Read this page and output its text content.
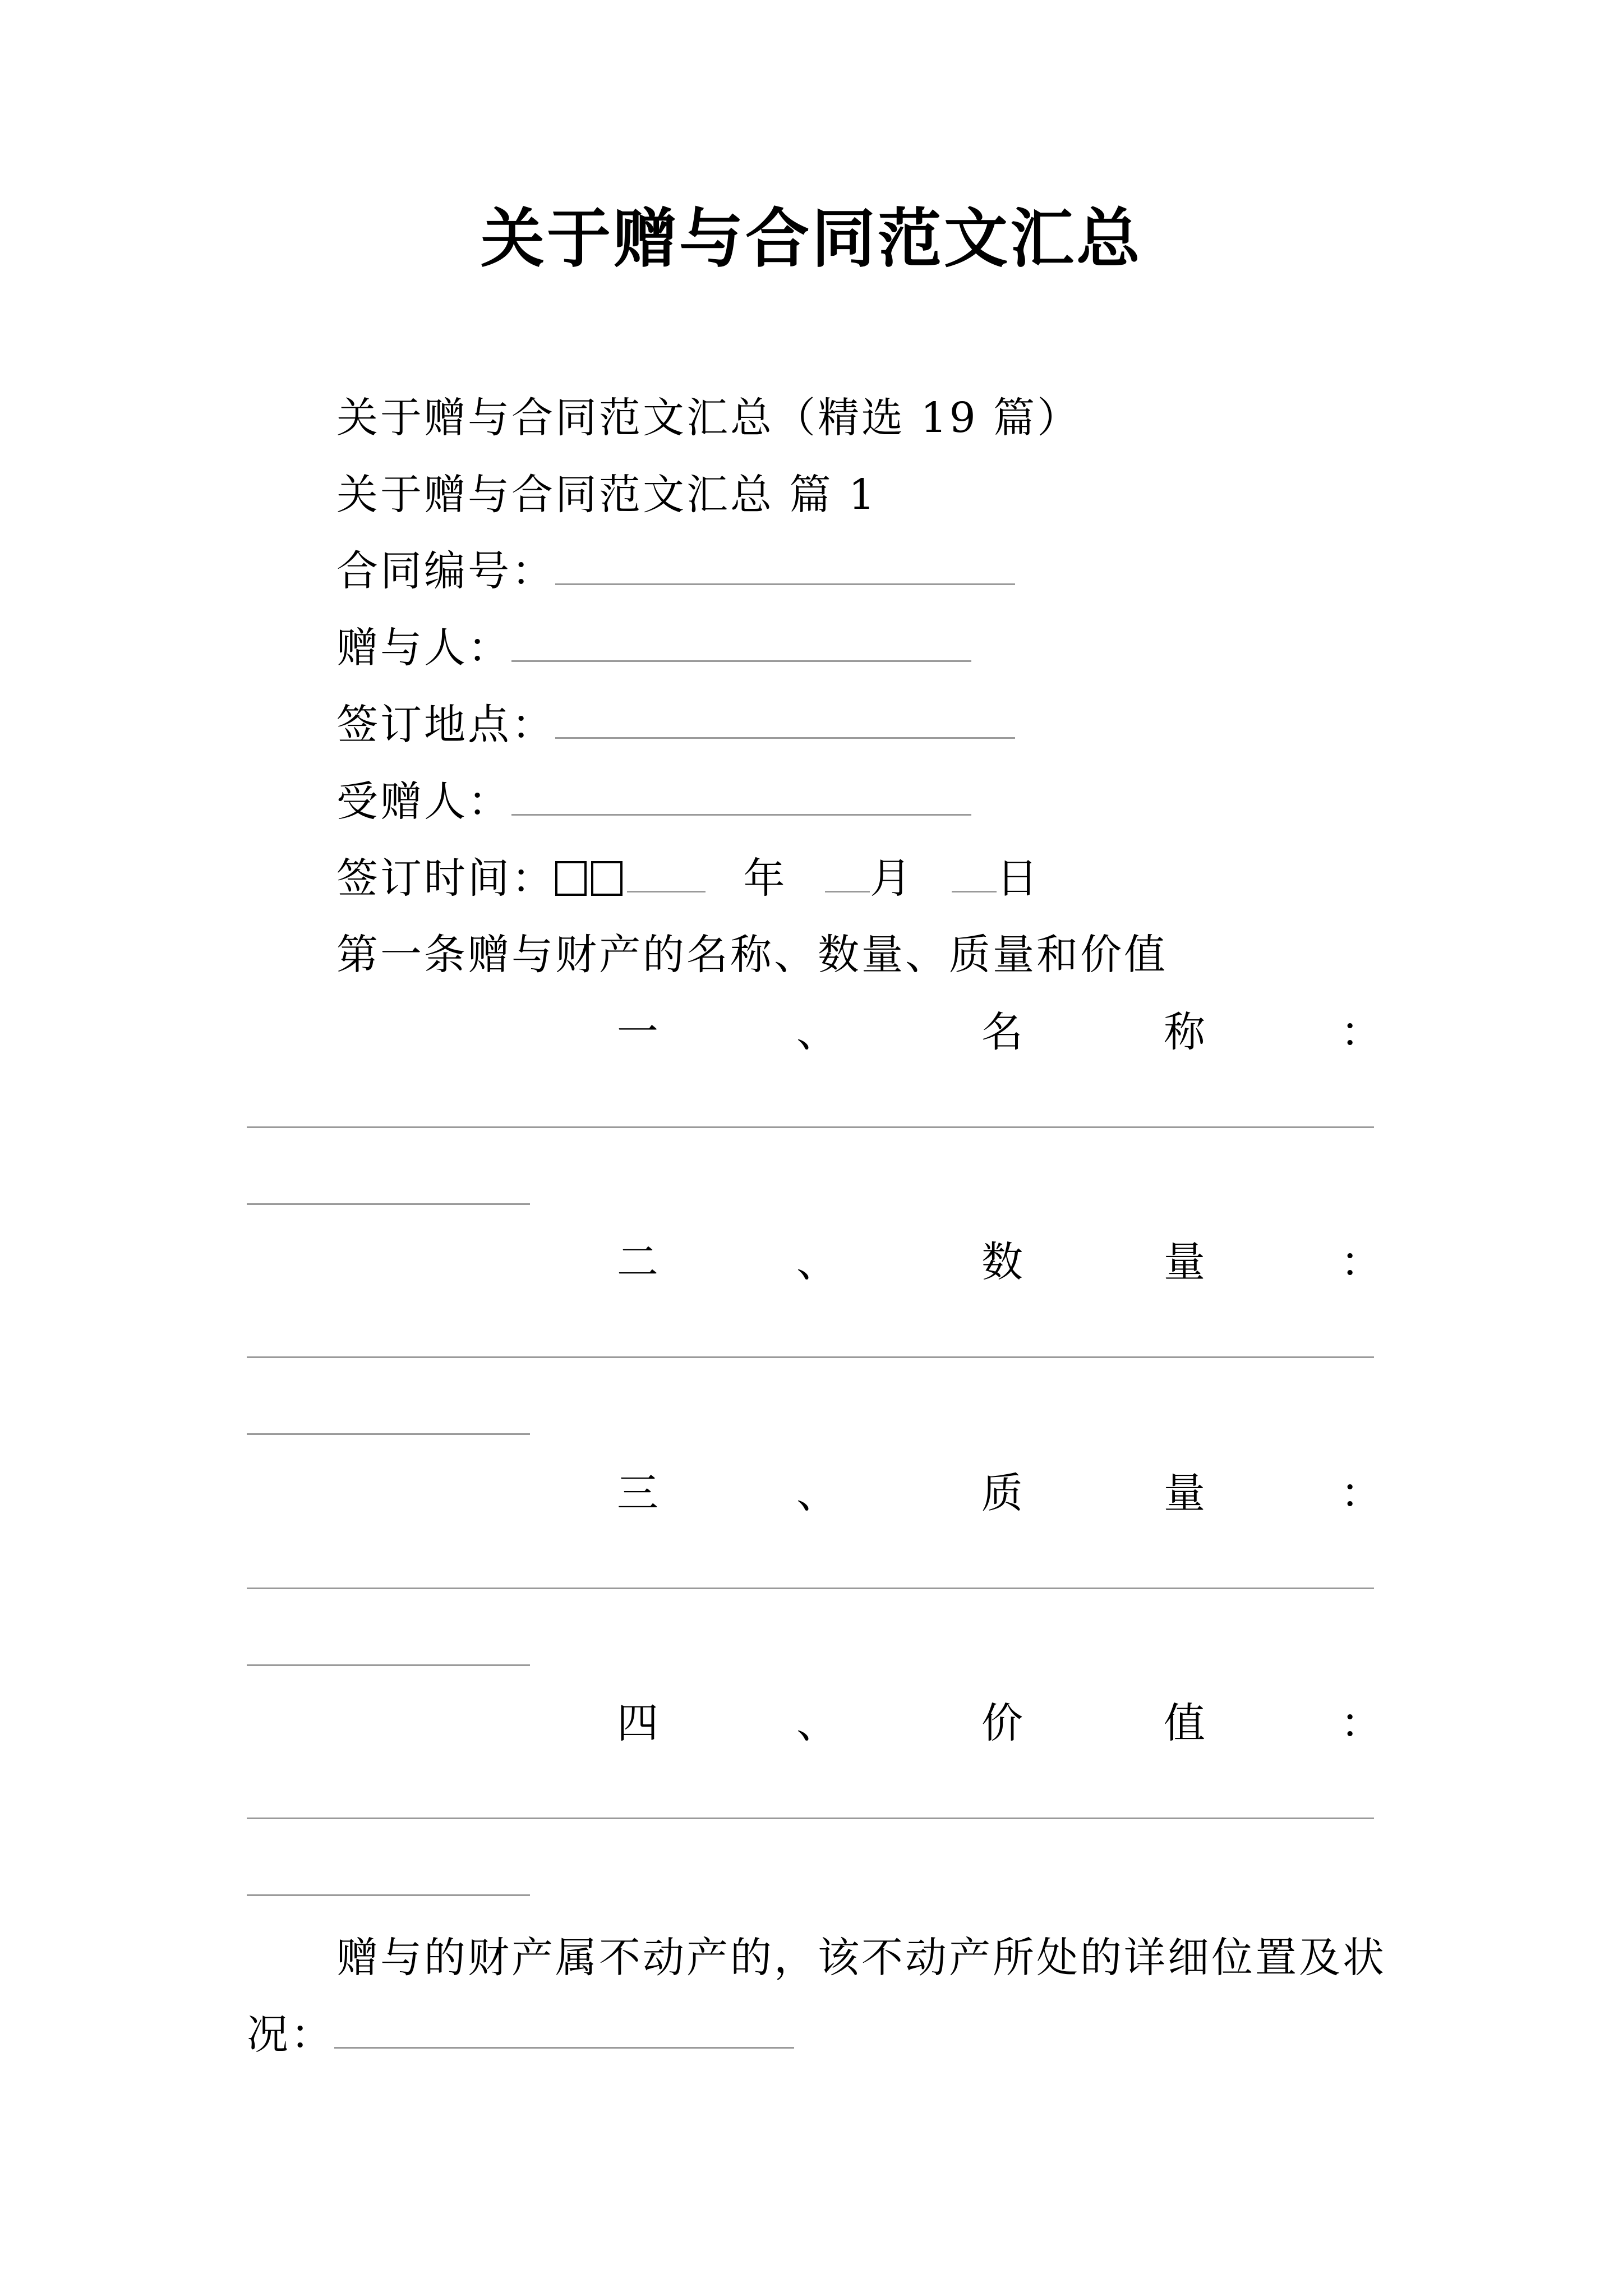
关于赠与合同范文汇总
关于赠与合同范文汇总（精选 19 篇）
关于赠与合同范文汇总 篇 1
合同编号：
赠与人：
签订地点：
受赠人：
签订时间：	年 月 日
第一条赠与财产的名称、数量、质量和价值
一	、	名	称	：
二	、	数	量	：
三	、	质	量	：
四	、	价	值	：
赠与的财产属不动产的，该不动产所处的详细位置及状
况：
